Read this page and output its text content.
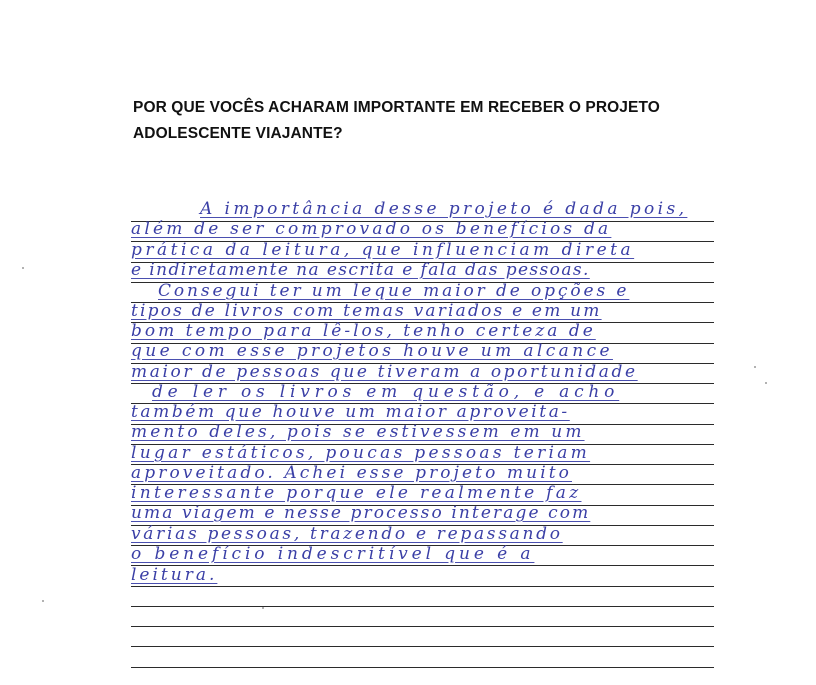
POR QUE VOCÊS ACHARAM IMPORTANTE EM RECEBER O PROJETO
ADOLESCENTE VIAJANTE?

A importância desse projeto é dada pois,

além de ser comprovado os benefícios da

prática da leitura, que influenciam direta

e indiretamente na escrita e fala das pessoas.

Consegui ter um leque maior de opções e

tipos de livros com temas variados e em um

bom tempo para lê-los, tenho certeza de

que com esse projetos houve um alcance

maior de pessoas que tiveram a oportunidade

de ler os livros em questão, e acho

também que houve um maior aproveita-

mento deles, pois se estivessem em um

lugar estáticos, poucas pessoas teriam

aproveitado. Achei esse projeto muito

interessante porque ele realmente faz

uma viagem e nesse processo interage com

várias pessoas, trazendo e repassando

o benefício indescritível que é a

leitura.
